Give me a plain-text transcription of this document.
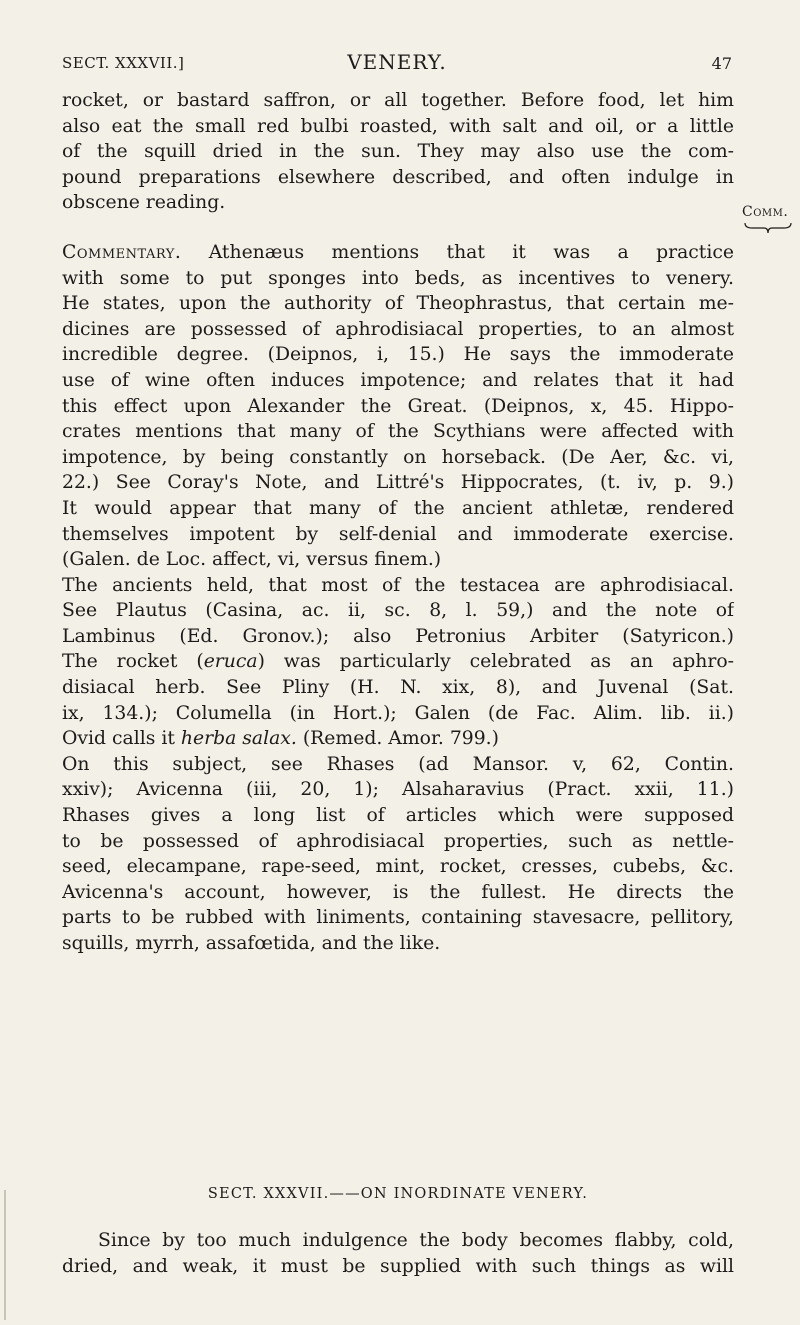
SECT. XXXVII.]	VENERY.	47
Comm.
rocket, or bastard saffron, or all together. Before food, let him
also eat the small red bulbi roasted, with salt and oil, or a little
of the squill dried in the sun. They may also use the com-
pound preparations elsewhere described, and often indulge in
obscene reading.
Commentary. Athenæus mentions that it was a practice
with some to put sponges into beds, as incentives to venery.
He states, upon the authority of Theophrastus, that certain me-
dicines are possessed of aphrodisiacal properties, to an almost
incredible degree. (Deipnos, i, 15.) He says the immoderate
use of wine often induces impotence; and relates that it had
this effect upon Alexander the Great. (Deipnos, x, 45. Hippo-
crates mentions that many of the Scythians were affected with
impotence, by being constantly on horseback. (De Aer, &c. vi,
22.) See Coray's Note, and Littré's Hippocrates, (t. iv, p. 9.)
It would appear that many of the ancient athletæ, rendered
themselves impotent by self-denial and immoderate exercise.
(Galen. de Loc. affect, vi, versus finem.)
The ancients held, that most of the testacea are aphrodisiacal.
See Plautus (Casina, ac. ii, sc. 8, l. 59,) and the note of
Lambinus (Ed. Gronov.); also Petronius Arbiter (Satyricon.)
The rocket (eruca) was particularly celebrated as an aphro-
disiacal herb. See Pliny (H. N. xix, 8), and Juvenal (Sat.
ix, 134.); Columella (in Hort.); Galen (de Fac. Alim. lib. ii.)
Ovid calls it herba salax. (Remed. Amor. 799.)
On this subject, see Rhases (ad Mansor. v, 62, Contin.
xxiv); Avicenna (iii, 20, 1); Alsaharavius (Pract. xxii, 11.)
Rhases gives a long list of articles which were supposed
to be possessed of aphrodisiacal properties, such as nettle-
seed, elecampane, rape-seed, mint, rocket, cresses, cubebs, &c.
Avicenna's account, however, is the fullest. He directs the
parts to be rubbed with liniments, containing stavesacre, pellitory,
squills, myrrh, assafœtida, and the like.
SECT. XXXVII.——ON INORDINATE VENERY.
Since by too much indulgence the body becomes flabby, cold,
dried, and weak, it must be supplied with such things as will
